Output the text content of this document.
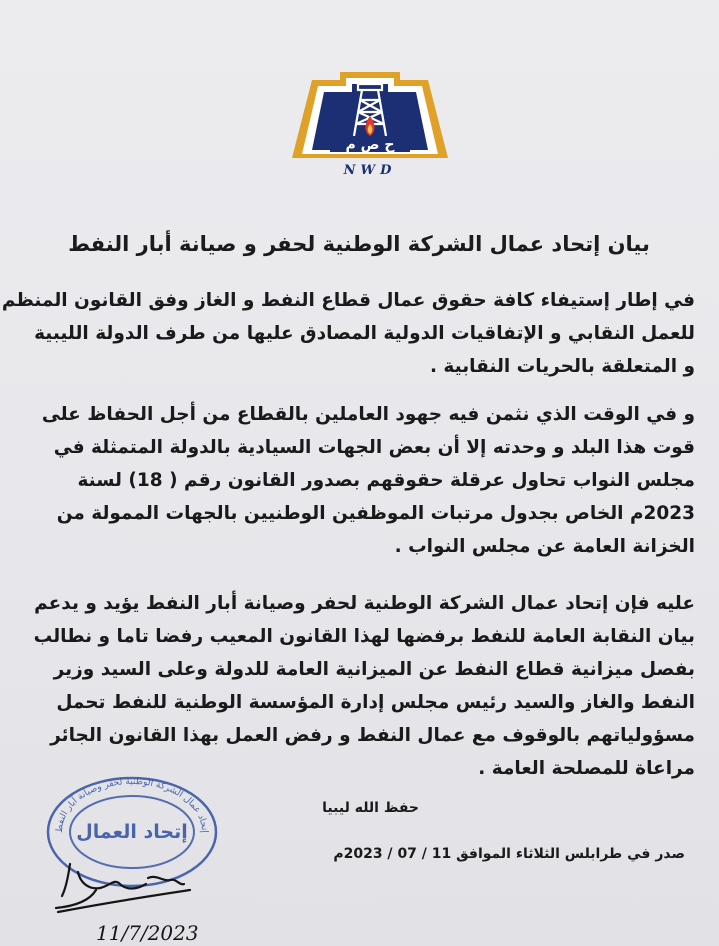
ح ص م
NWD
بيان إتحاد عمال الشركة الوطنية لحفر و صيانة أبار النفط
في إطار إستيفاء كافة حقوق عمال قطاع النفط و الغاز وفق القانون المنظم
للعمل النقابي و الإتفاقيات الدولية المصادق عليها من طرف الدولة الليبية
و المتعلقة بالحريات النقابية .
و في الوقت الذي نثمن فيه جهود العاملين بالقطاع من أجل الحفاظ على
قوت هذا البلد و وحدته إلا أن بعض الجهات السيادية بالدولة المتمثلة في
مجلس النواب تحاول عرقلة حقوقهم بصدور القانون رقم ( 18) لسنة
2023م الخاص بجدول مرتبات الموظفين الوطنيين بالجهات الممولة من
الخزانة العامة عن مجلس النواب .
عليه فإن إتحاد عمال الشركة الوطنية لحفر وصيانة أبار النفط يؤيد و يدعم
بيان النقابة العامة للنفط برفضها لهذا القانون المعيب رفضا تاما و نطالب
بفصل ميزانية قطاع النفط عن الميزانية العامة للدولة وعلى السيد وزير
النفط والغاز والسيد رئيس مجلس إدارة المؤسسة الوطنية للنفط تحمل
مسؤولياتهم بالوقوف مع عمال النفط و رفض العمل بهذا القانون الجائر
مراعاة للمصلحة العامة .
حفظ الله ليبيا
صدر في طرابلس الثلاثاء الموافق 11 / 07 / 2023م
إتحاد عمال الشركة الوطنية لحفر وصيانة آبار النفط
إتحاد العمال
11/7/2023
